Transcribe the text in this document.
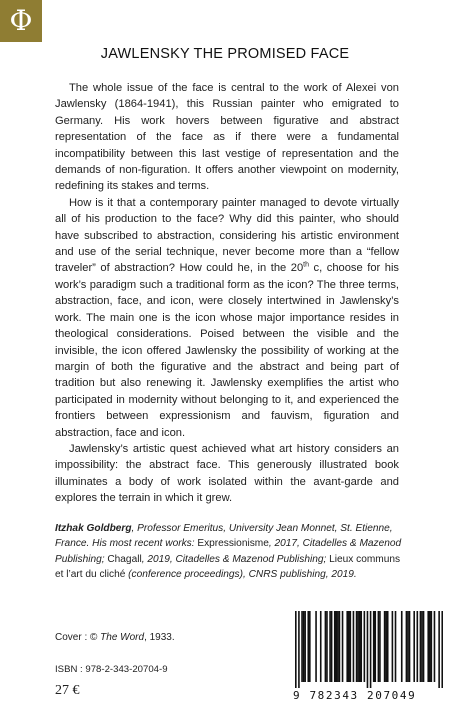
Φ
JAWLENSKY THE PROMISED FACE

The whole issue of the face is central to the work of Alexei von Jawlensky (1864-1941), this Russian painter who emigrated to Germany. His work hovers between figurative and abstract representation of the face as if there were a fundamental incompatibility between this last vestige of representation and the demands of non-figuration. It offers another viewpoint on modernity, redefining its stakes and terms.

How is it that a contemporary painter managed to devote virtually all of his production to the face? Why did this painter, who should have subscribed to abstraction, considering his artistic environment and use of the serial technique, never become more than a “fellow traveler” of abstraction? How could he, in the 20th c, choose for his work’s paradigm such a traditional form as the icon? The three terms, abstraction, face, and icon, were closely intertwined in Jawlensky’s work. The main one is the icon whose major importance resides in theological considerations. Poised between the visible and the invisible, the icon offered Jawlensky the possibility of working at the margin of both the figurative and the abstract and being part of tradition but also renewing it. Jawlensky exemplifies the artist who participated in modernity without belonging to it, and experienced the frontiers between expressionism and fauvism, figuration and abstraction, face and icon.

Jawlensky’s artistic quest achieved what art history considers an impossibility: the abstract face. This generously illustrated book illuminates a body of work isolated within the avant-garde and explores the terrain in which it grew.

Itzhak Goldberg, Professor Emeritus, University Jean Monnet, St. Etienne, France. His most recent works: Expressionisme, 2017, Citadelles & Mazenod Publishing; Chagall, 2019, Citadelles & Mazenod Publishing; Lieux communs et l’art du cliché (conference proceedings), CNRS publishing, 2019.
Cover : © The Word, 1933.
ISBN : 978-2-343-20704-9
27 €	9 782343 207049
